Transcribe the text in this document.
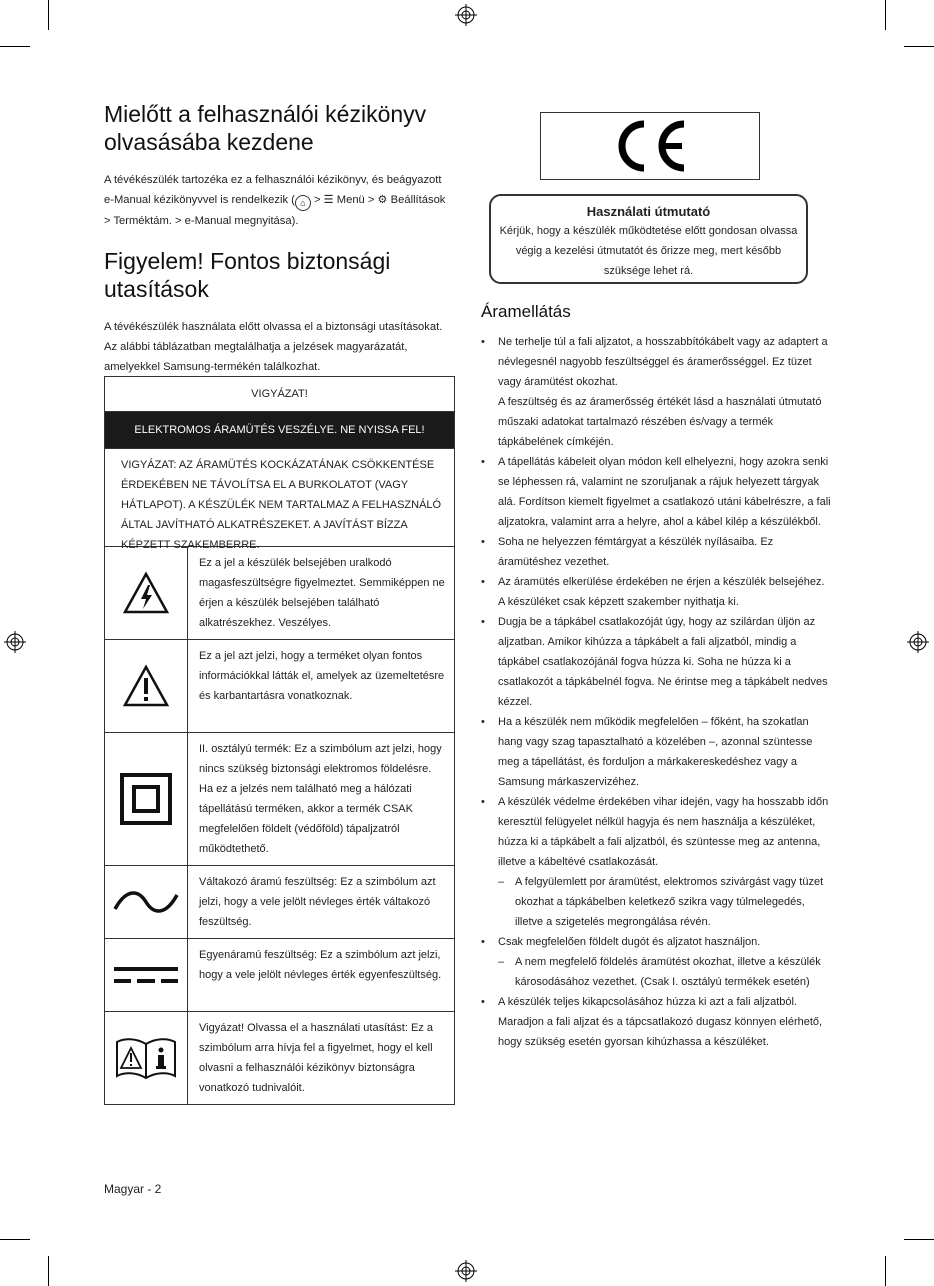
Mielőtt a felhasználói kézikönyv olvasásába kezdene

A tévékészülék tartozéka ez a felhasználói kézikönyv, és beágyazott e-Manual kézikönyvvel is rendelkezik ( ⌂ > ☰ Menü > ⚙ Beállítások > Terméktám. > e-Manual megnyitása).

Figyelem! Fontos biztonsági utasítások

A tévékészülék használata előtt olvassa el a biztonsági utasításokat. Az alábbi táblázatban megtalálhatja a jelzések magyarázatát, amelyekkel Samsung-termékén találkozhat.

VIGYÁZAT!
ELEKTROMOS ÁRAMÜTÉS VESZÉLYE. NE NYISSA FEL!
VIGYÁZAT: AZ ÁRAMÜTÉS KOCKÁZATÁNAK CSÖKKENTÉSE ÉRDEKÉBEN NE TÁVOLÍTSA EL A BURKOLATOT (VAGY HÁTLAPOT). A KÉSZÜLÉK NEM TARTALMAZ A FELHASZNÁLÓ ÁLTAL JAVÍTHATÓ ALKATRÉSZEKET. A JAVÍTÁST BÍZZA KÉPZETT SZAKEMBERRE.
Ez a jel a készülék belsejében uralkodó magasfeszültségre figyelmeztet. Semmiképpen ne érjen a készülék belsejében található alkatrészekhez. Veszélyes.
Ez a jel azt jelzi, hogy a terméket olyan fontos információkkal látták el, amelyek az üzemeltetésre és karbantartásra vonatkoznak.
II. osztályú termék: Ez a szimbólum azt jelzi, hogy nincs szükség biztonsági elektromos földelésre. Ha ez a jelzés nem található meg a hálózati tápellátású terméken, akkor a termék CSAK megfelelően földelt (védőföld) tápaljzatról működtethető.
Váltakozó áramú feszültség: Ez a szimbólum azt jelzi, hogy a vele jelölt névleges érték váltakozó feszültség.
Egyenáramú feszültség: Ez a szimbólum azt jelzi, hogy a vele jelölt névleges érték egyenfeszültség.
Vigyázat! Olvassa el a használati utasítást: Ez a szimbólum arra hívja fel a figyelmet, hogy el kell olvasni a felhasználói kézikönyv biztonságra vonatkozó tudnivalóit.
Használati útmutató
Kérjük, hogy a készülék működtetése előtt gondosan olvassa végig a kezelési útmutatót és őrizze meg, mert később szüksége lehet rá.
Áramellátás
• Ne terhelje túl a fali aljzatot, a hosszabbítókábelt vagy az adaptert a névlegesnél nagyobb feszültséggel és áramerősséggel. Ez tüzet vagy áramütést okozhat.
A feszültség és az áramerősség értékét lásd a használati útmutató műszaki adatokat tartalmazó részében és/vagy a termék tápkábelének címkéjén.
• A tápellátás kábeleit olyan módon kell elhelyezni, hogy azokra senki se léphessen rá, valamint ne szoruljanak a rájuk helyezett tárgyak alá. Fordítson kiemelt figyelmet a csatlakozó utáni kábelrészre, a fali aljzatokra, valamint arra a helyre, ahol a kábel kilép a készülékből.
• Soha ne helyezzen fémtárgyat a készülék nyílásaiba. Ez áramütéshez vezethet.
• Az áramütés elkerülése érdekében ne érjen a készülék belsejéhez. A készüléket csak képzett szakember nyithatja ki.
• Dugja be a tápkábel csatlakozóját úgy, hogy az szilárdan üljön az aljzatban. Amikor kihúzza a tápkábelt a fali aljzatból, mindig a tápkábel csatlakozójánál fogva húzza ki. Soha ne húzza ki a csatlakozót a tápkábelnél fogva. Ne érintse meg a tápkábelt nedves kézzel.
• Ha a készülék nem működik megfelelően – főként, ha szokatlan hang vagy szag tapasztalható a közelében –, azonnal szüntesse meg a tápellátást, és forduljon a márkakereskedéshez vagy a Samsung márkaszervizéhez.
• A készülék védelme érdekében vihar idején, vagy ha hosszabb időn keresztül felügyelet nélkül hagyja és nem használja a készüléket, húzza ki a tápkábelt a fali aljzatból, és szüntesse meg az antenna, illetve a kábeltévé csatlakozását.
– A felgyülemlett por áramütést, elektromos szivárgást vagy tüzet okozhat a tápkábelben keletkező szikra vagy túlmelegedés, illetve a szigetelés megrongálása révén.
• Csak megfelelően földelt dugót és aljzatot használjon.
– A nem megfelelő földelés áramütést okozhat, illetve a készülék károsodásához vezethet. (Csak I. osztályú termékek esetén)
• A készülék teljes kikapcsolásához húzza ki azt a fali aljzatból. Maradjon a fali aljzat és a tápcsatlakozó dugasz könnyen elérhető, hogy szükség esetén gyorsan kihúzhassa a készüléket.
Magyar - 2
